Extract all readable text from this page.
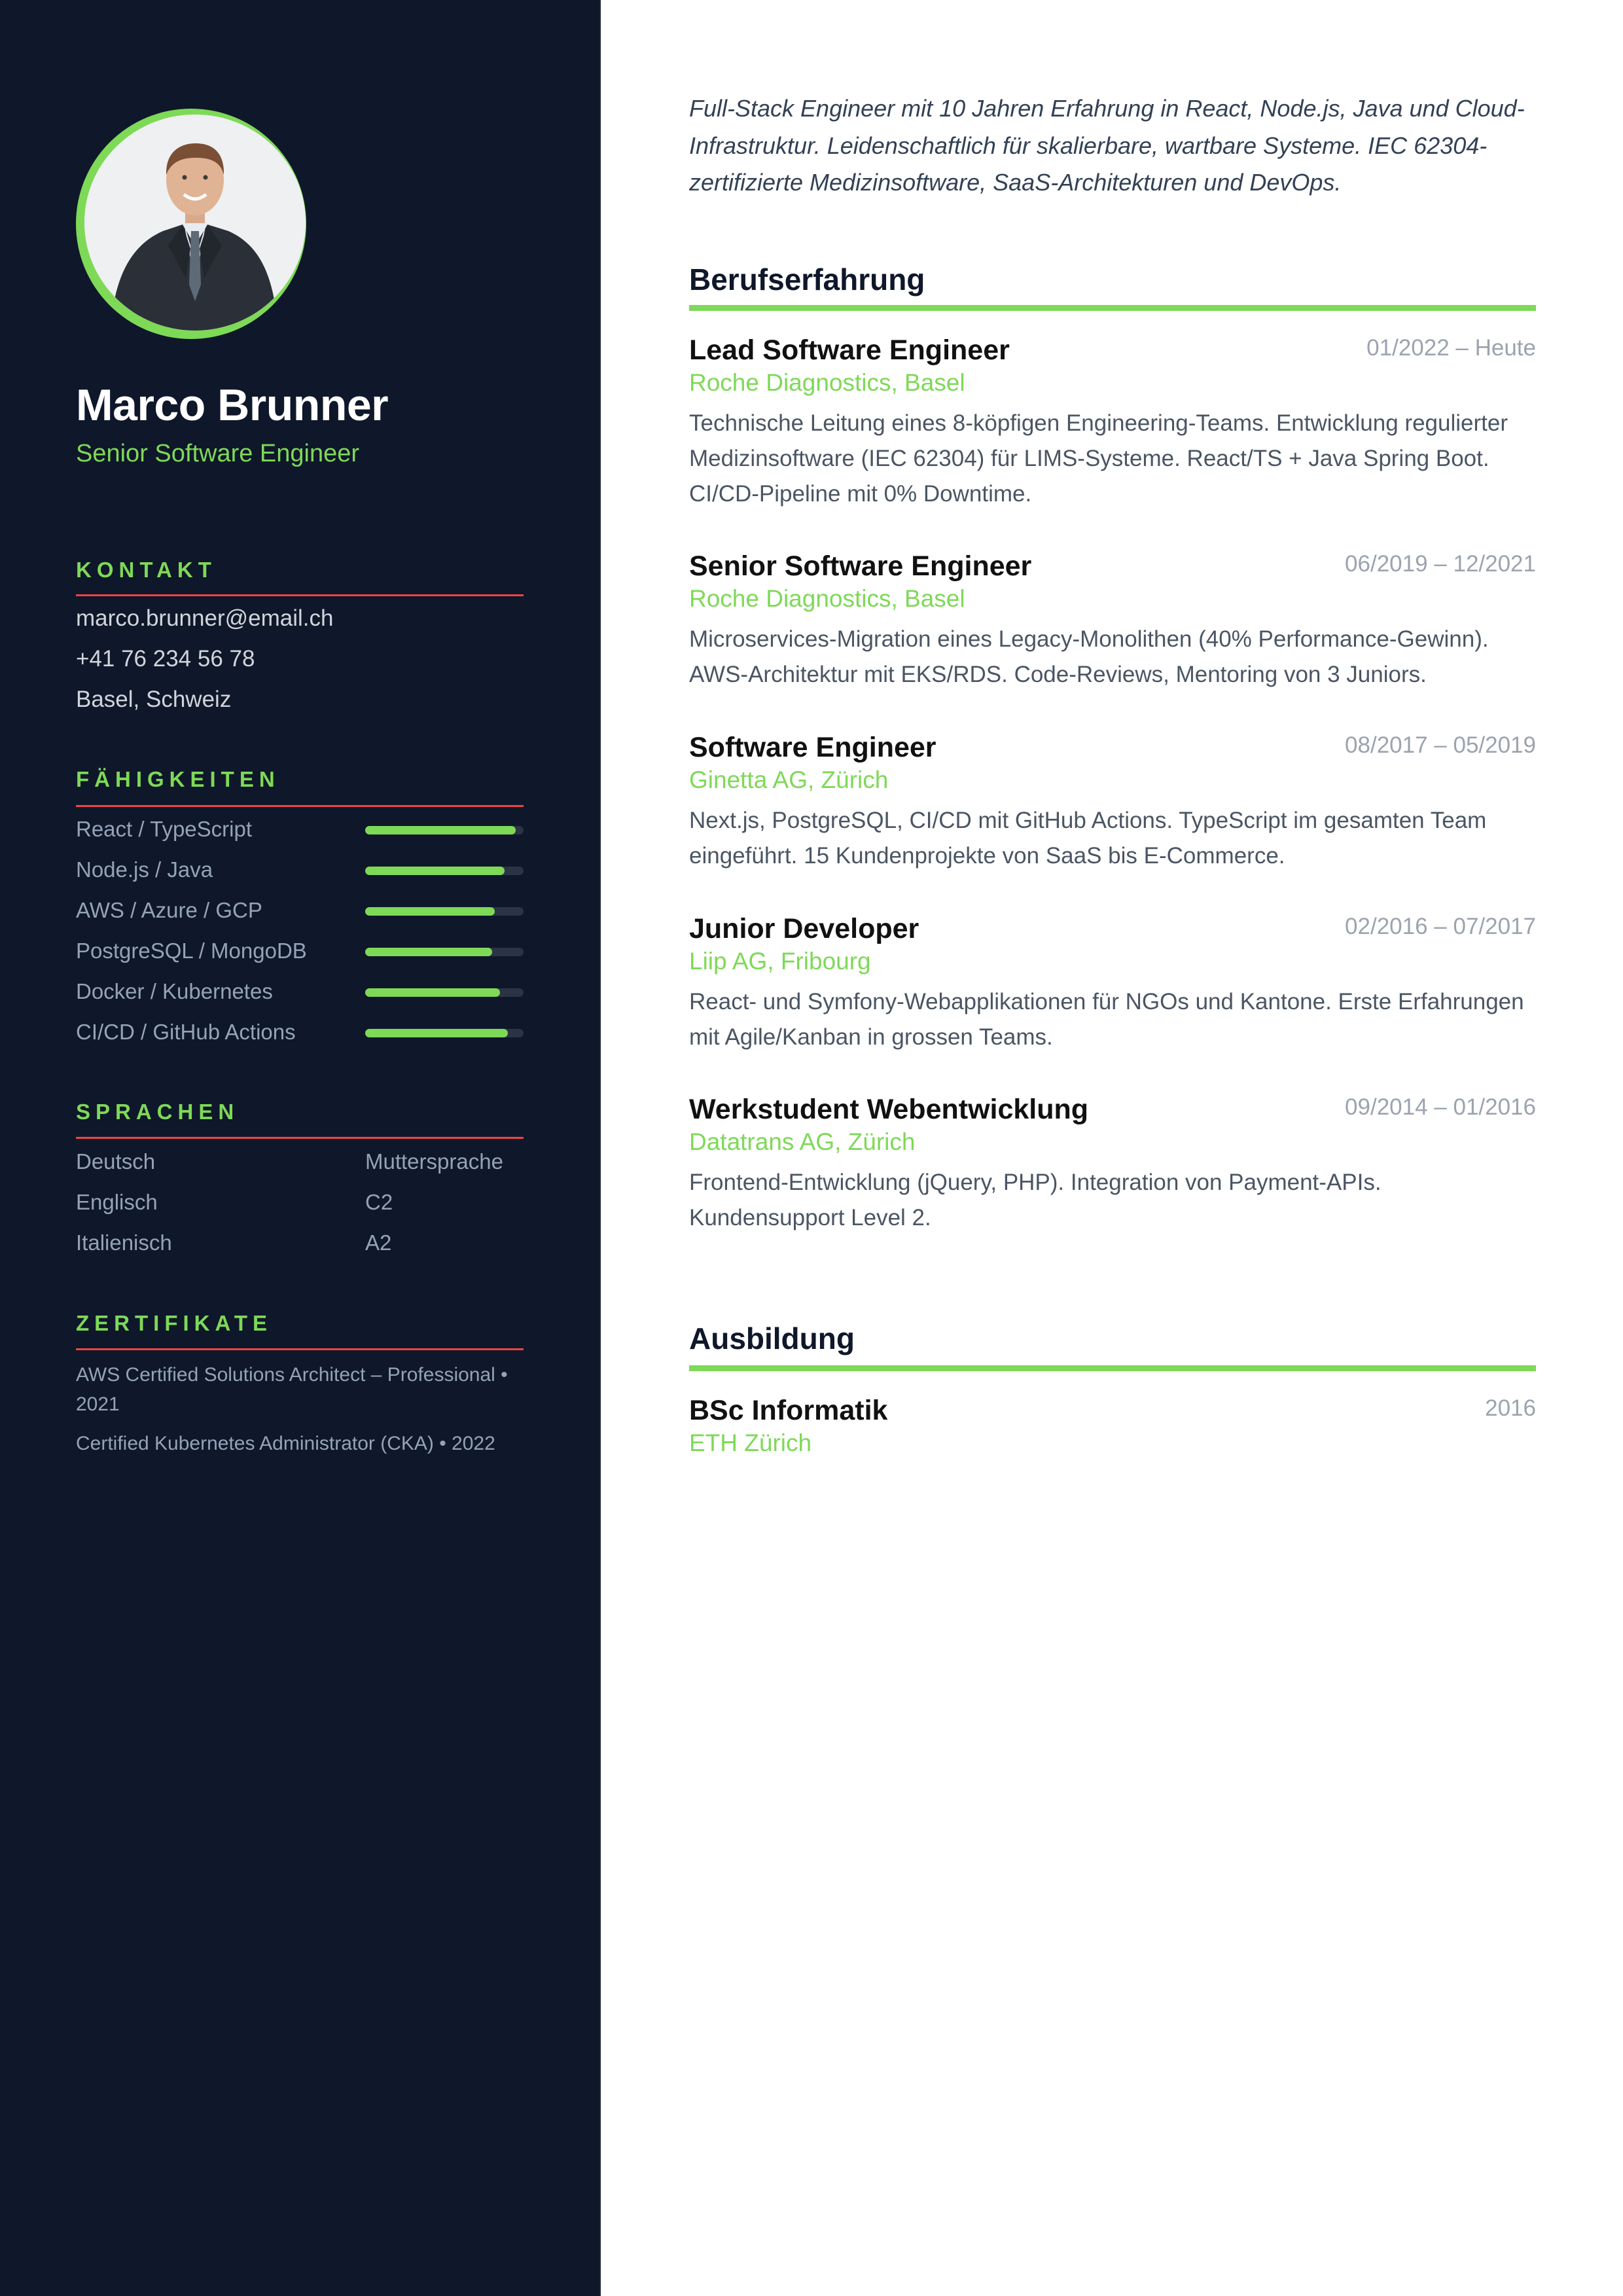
Marco Brunner
Senior Software Engineer
KONTAKT
marco.brunner@email.ch
+41 76 234 56 78
Basel, Schweiz
FÄHIGKEITEN
React / TypeScript
Node.js / Java
AWS / Azure / GCP
PostgreSQL / MongoDB
Docker / Kubernetes
CI/CD / GitHub Actions
SPRACHEN
Deutsch	Muttersprache
Englisch	C2
Italienisch	A2
ZERTIFIKATE
AWS Certified Solutions Architect – Professional • 2021
Certified Kubernetes Administrator (CKA) • 2022
Full-Stack Engineer mit 10 Jahren Erfahrung in React, Node.js, Java und Cloud-Infrastruktur. Leidenschaftlich für skalierbare, wartbare Systeme. IEC 62304-zertifizierte Medizinsoftware, SaaS-Architekturen und DevOps.
Berufserfahrung
Lead Software Engineer	01/2022 – Heute
Roche Diagnostics, Basel
Technische Leitung eines 8-köpfigen Engineering-Teams. Entwicklung regulierter Medizinsoftware (IEC 62304) für LIMS-Systeme. React/TS + Java Spring Boot. CI/CD-Pipeline mit 0% Downtime.
Senior Software Engineer	06/2019 – 12/2021
Roche Diagnostics, Basel
Microservices-Migration eines Legacy-Monolithen (40% Performance-Gewinn). AWS-Architektur mit EKS/RDS. Code-Reviews, Mentoring von 3 Juniors.
Software Engineer	08/2017 – 05/2019
Ginetta AG, Zürich
Next.js, PostgreSQL, CI/CD mit GitHub Actions. TypeScript im gesamten Team eingeführt. 15 Kundenprojekte von SaaS bis E-Commerce.
Junior Developer	02/2016 – 07/2017
Liip AG, Fribourg
React- und Symfony-Webapplikationen für NGOs und Kantone. Erste Erfahrungen mit Agile/Kanban in grossen Teams.
Werkstudent Webentwicklung	09/2014 – 01/2016
Datatrans AG, Zürich
Frontend-Entwicklung (jQuery, PHP). Integration von Payment-APIs. Kundensupport Level 2.
Ausbildung
BSc Informatik	2016
ETH Zürich
